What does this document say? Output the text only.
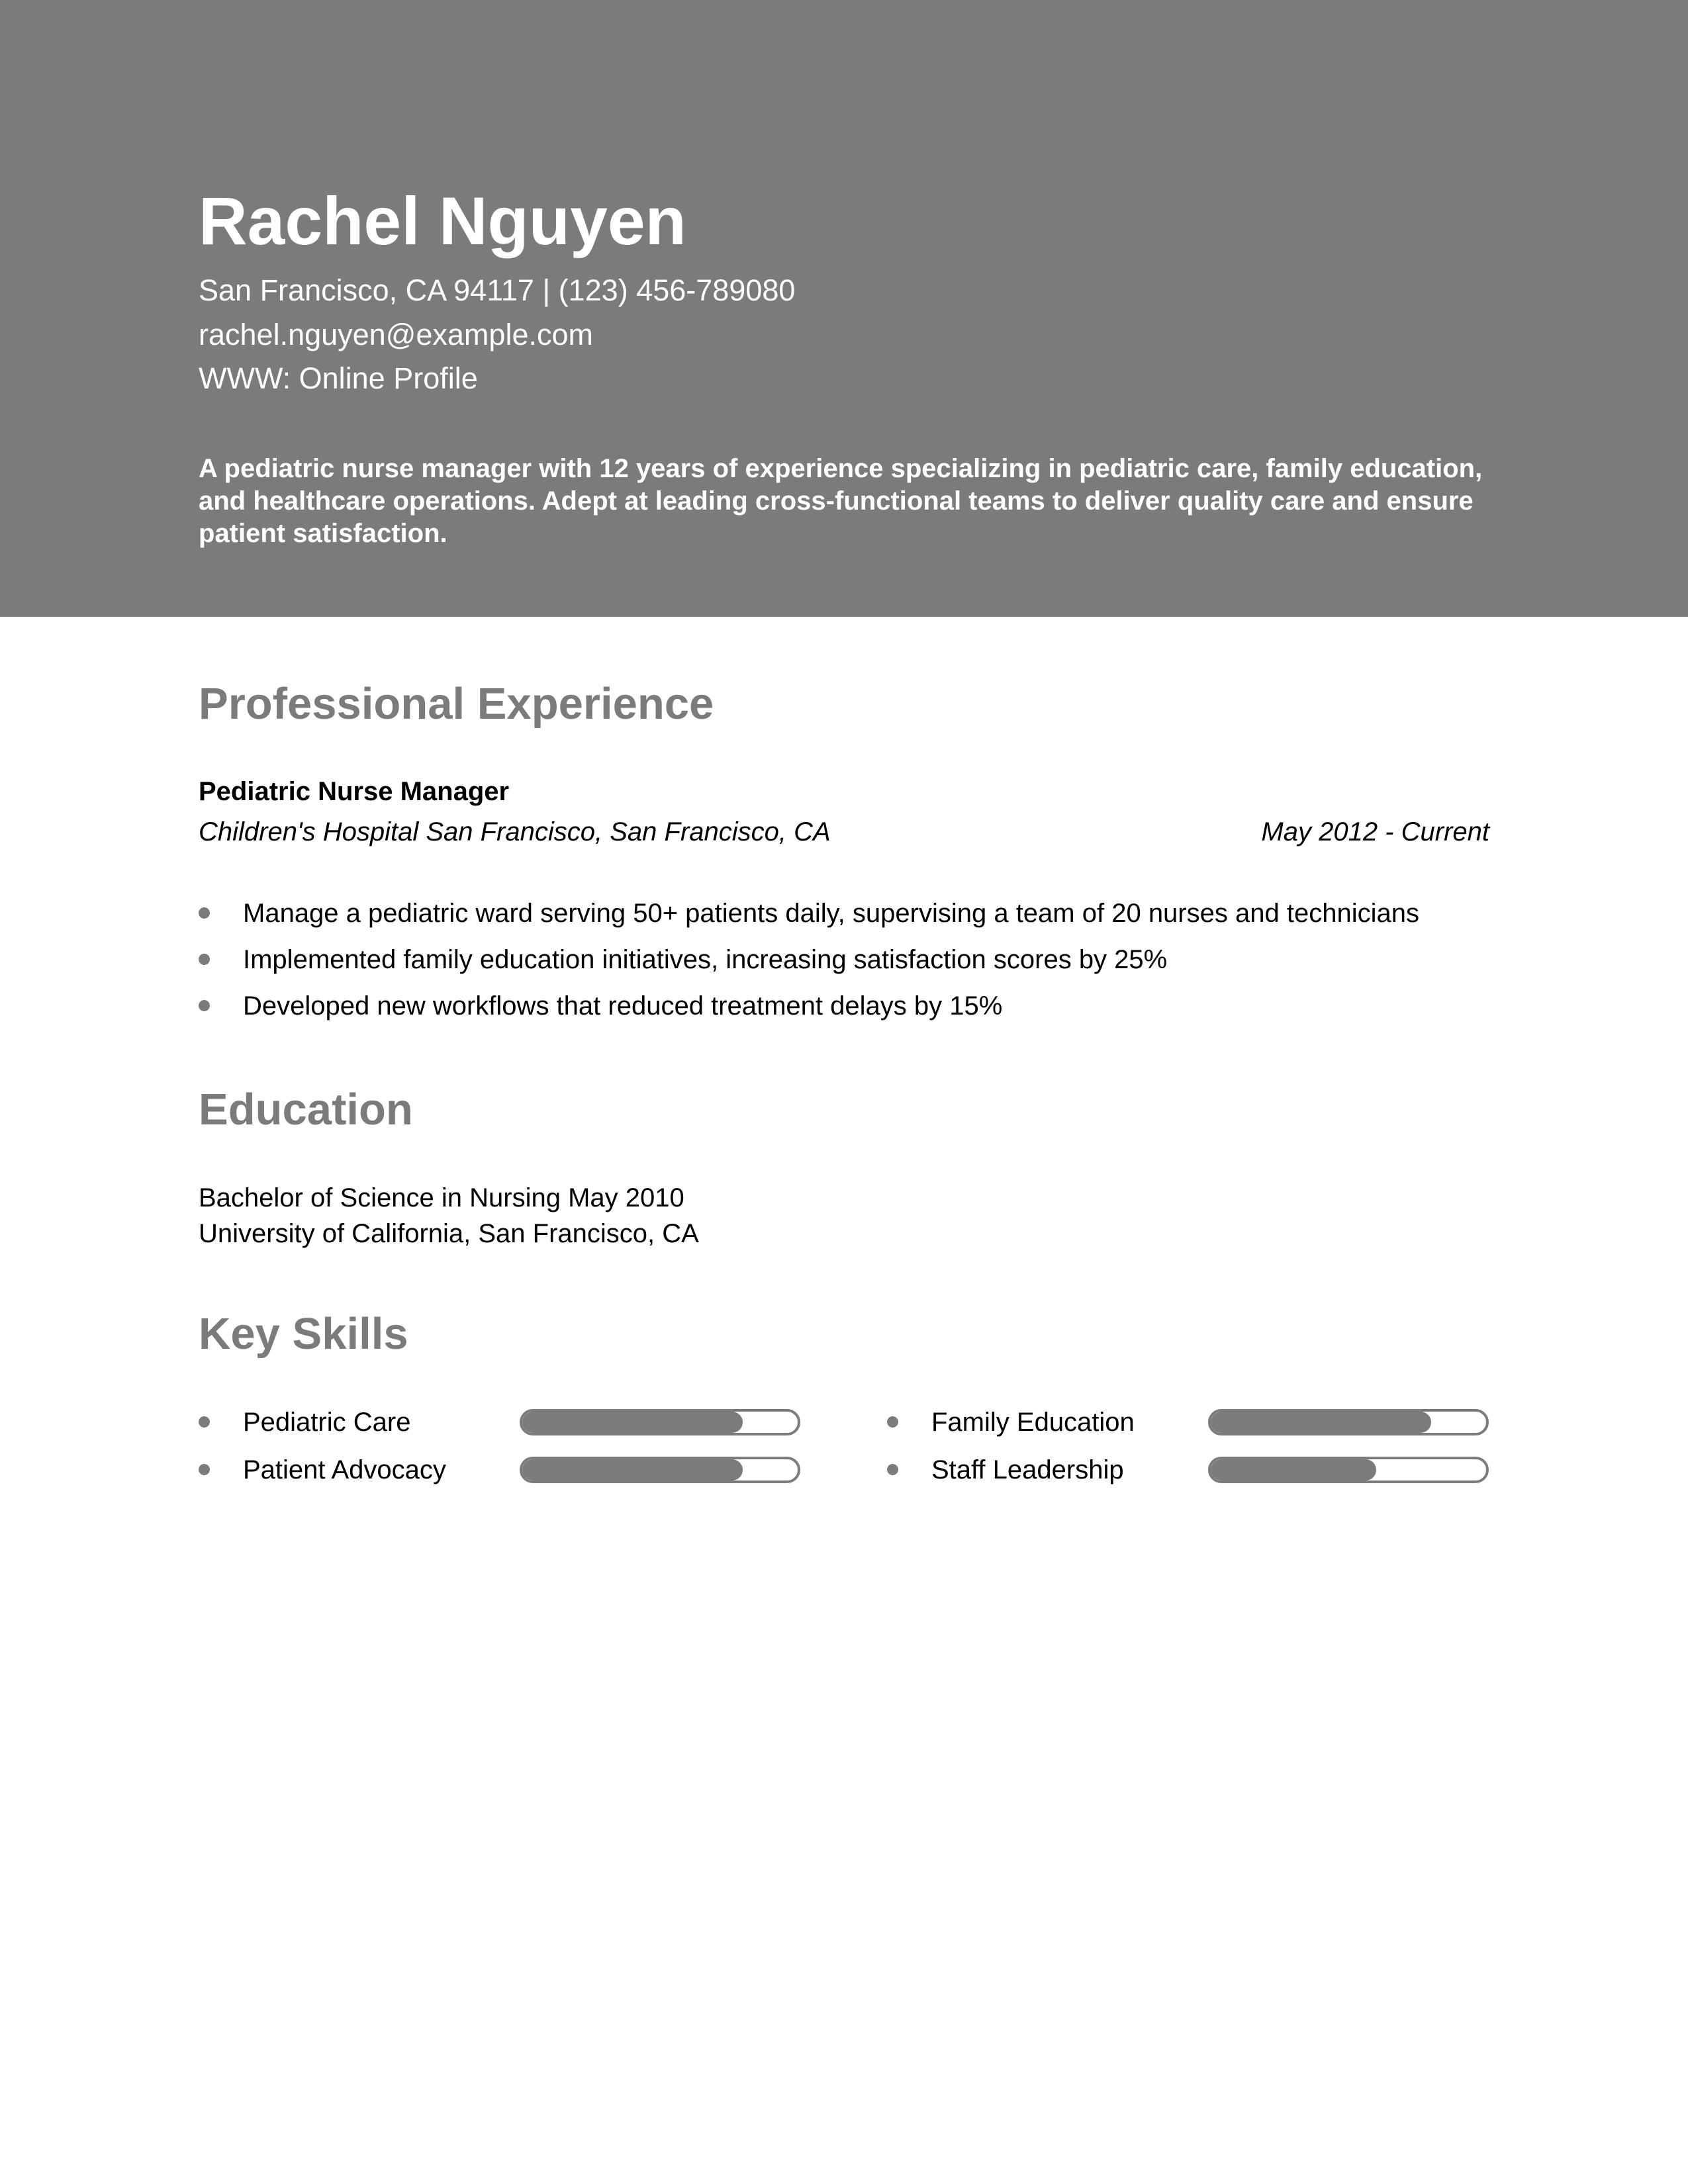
Rachel Nguyen
San Francisco, CA 94117 | (123) 456-789080
rachel.nguyen@example.com
WWW: Online Profile
A pediatric nurse manager with 12 years of experience specializing in pediatric care, family education, and healthcare operations. Adept at leading cross-functional teams to deliver quality care and ensure patient satisfaction.
Professional Experience
Pediatric Nurse Manager
Children's Hospital San Francisco, San Francisco, CA	May 2012 - Current
Manage a pediatric ward serving 50+ patients daily, supervising a team of 20 nurses and technicians
Implemented family education initiatives, increasing satisfaction scores by 25%
Developed new workflows that reduced treatment delays by 15%
Education
Bachelor of Science in Nursing May 2010
University of California, San Francisco, CA
Key Skills
Pediatric Care	Family Education
Patient Advocacy	Staff Leadership
